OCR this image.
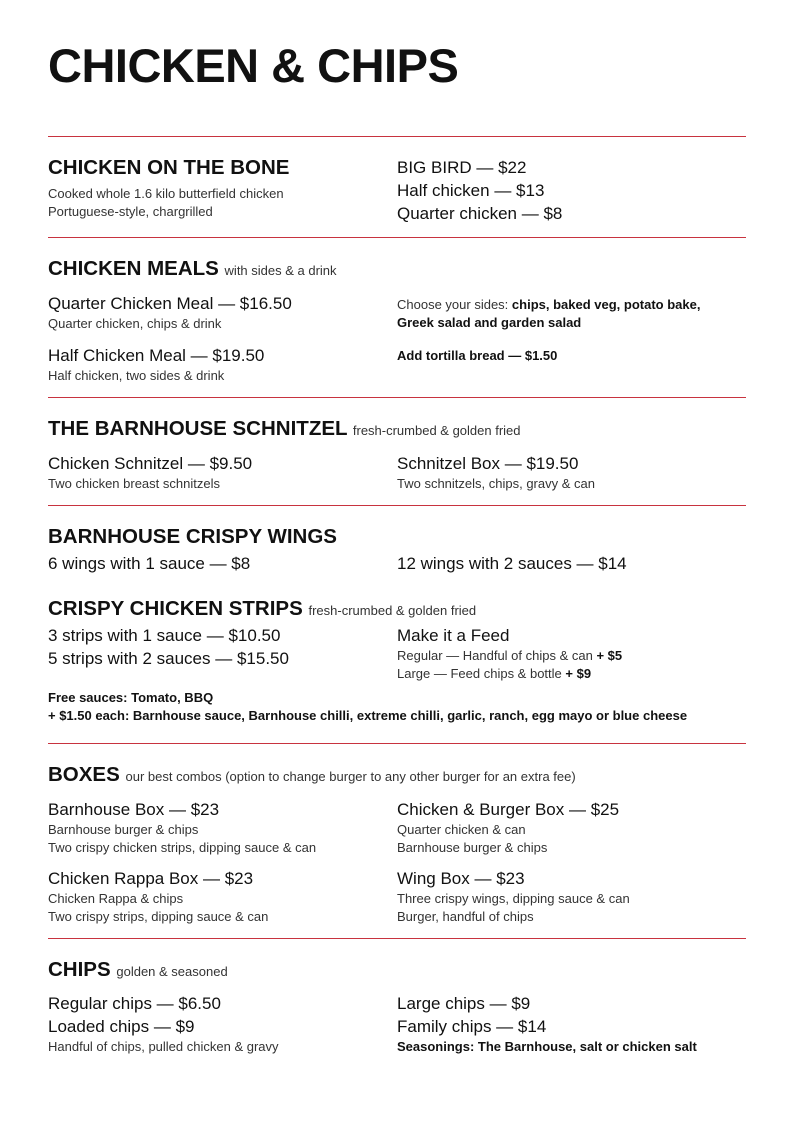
CHICKEN & CHIPS
CHICKEN ON THE BONE
Cooked whole 1.6 kilo butterfield chicken
Portuguese-style, chargrilled
BIG BIRD — $22
Half chicken — $13
Quarter chicken — $8
CHICKEN MEALS with sides & a drink
Quarter Chicken Meal — $16.50
Quarter chicken, chips & drink
Half Chicken Meal — $19.50
Half chicken, two sides & drink
Choose your sides: chips, baked veg, potato bake,
Greek salad and garden salad
Add tortilla bread — $1.50
THE BARNHOUSE SCHNITZEL fresh-crumbed & golden fried
Chicken Schnitzel — $9.50
Two chicken breast schnitzels
Schnitzel Box — $19.50
Two schnitzels, chips, gravy & can
BARNHOUSE CRISPY WINGS
6 wings with 1 sauce — $8	12 wings with 2 sauces — $14
CRISPY CHICKEN STRIPS fresh-crumbed & golden fried
3 strips with 1 sauce — $10.50
5 strips with 2 sauces — $15.50
Make it a Feed
Regular — Handful of chips & can + $5
Large — Feed chips & bottle + $9
Free sauces: Tomato, BBQ
+ $1.50 each: Barnhouse sauce, Barnhouse chilli, extreme chilli, garlic, ranch, egg mayo or blue cheese
BOXES our best combos (option to change burger to any other burger for an extra fee)
Barnhouse Box — $23
Barnhouse burger & chips
Two crispy chicken strips, dipping sauce & can
Chicken & Burger Box — $25
Quarter chicken & can
Barnhouse burger & chips
Chicken Rappa Box — $23
Chicken Rappa & chips
Two crispy strips, dipping sauce & can
Wing Box — $23
Three crispy wings, dipping sauce & can
Burger, handful of chips
CHIPS golden & seasoned
Regular chips — $6.50
Loaded chips — $9
Handful of chips, pulled chicken & gravy
Large chips — $9
Family chips — $14
Seasonings: The Barnhouse, salt or chicken salt
